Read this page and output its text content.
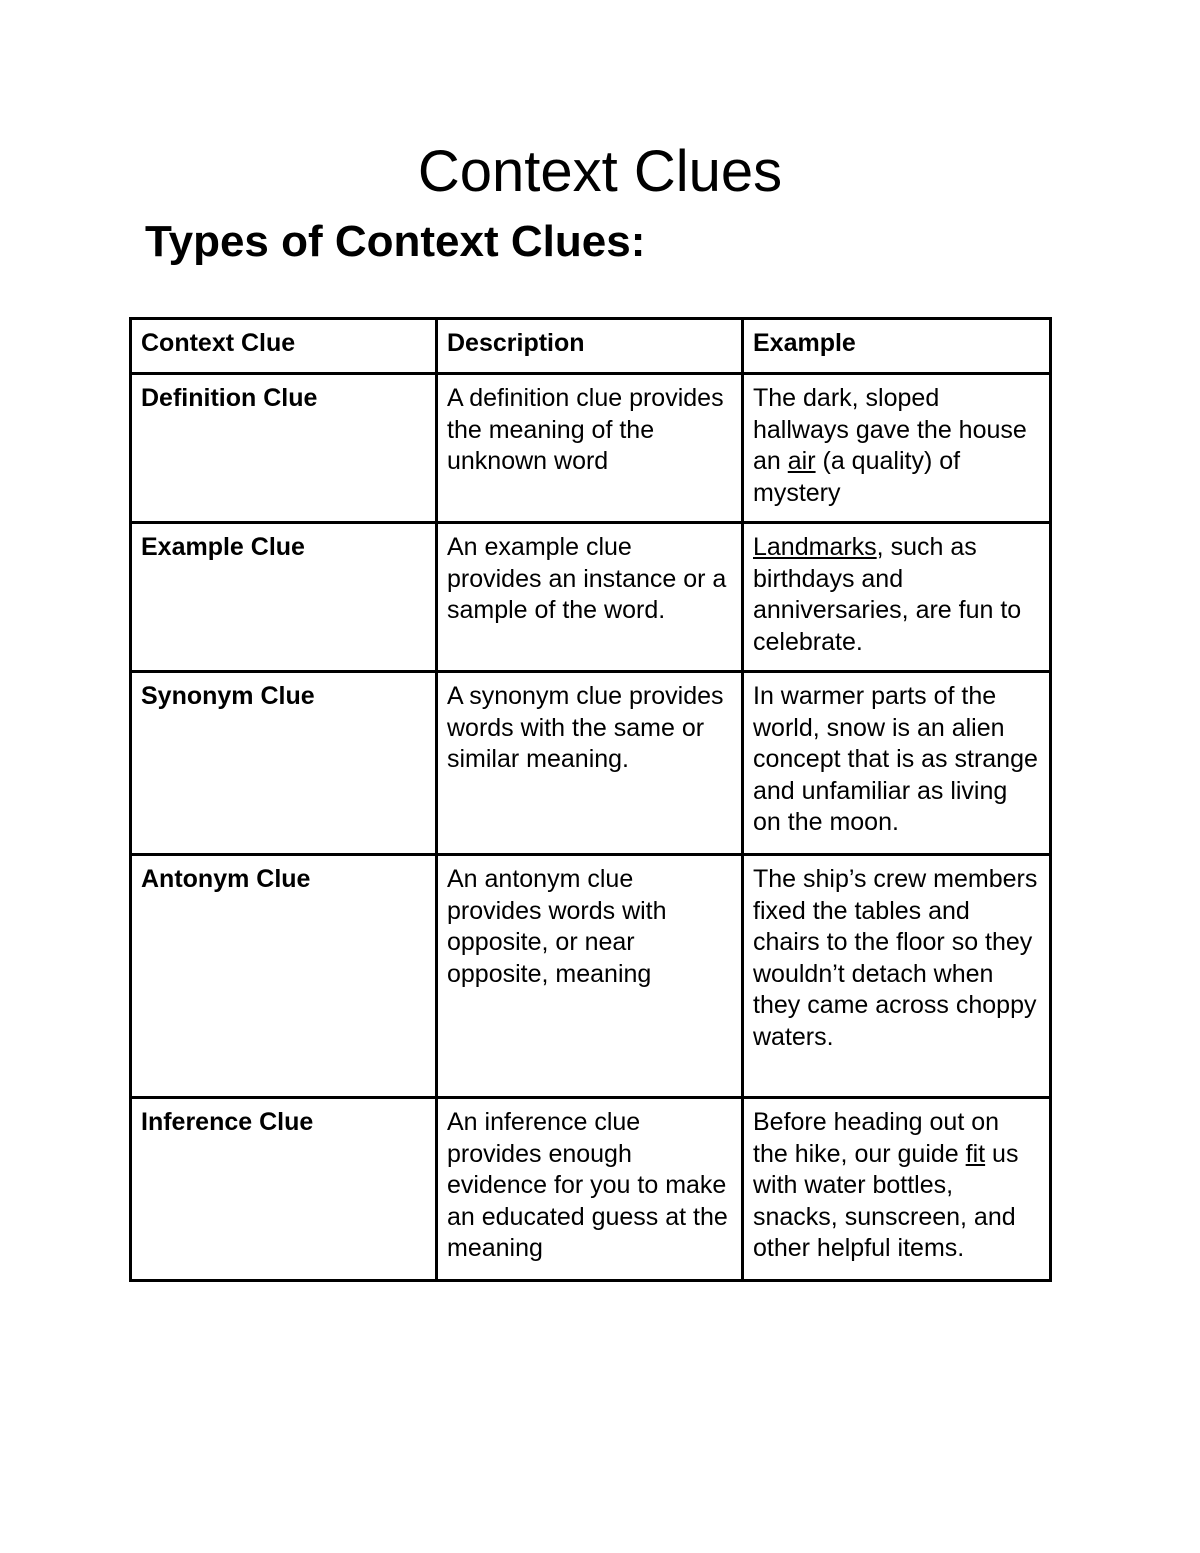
Context Clues
Types of Context Clues:
Context Clue	Description	Example
Definition Clue	A definition clue provides the meaning of the unknown word	The dark, sloped hallways gave the house an air (a quality) of mystery
Example Clue	An example clue provides an instance or a sample of the word.	Landmarks, such as birthdays and anniversaries, are fun to celebrate.
Synonym Clue	A synonym clue provides words with the same or similar meaning.	In warmer parts of the world, snow is an alien concept that is as strange and unfamiliar as living on the moon.
Antonym Clue	An antonym clue provides words with opposite, or near opposite, meaning	The ship’s crew members fixed the tables and chairs to the floor so they wouldn’t detach when they came across choppy waters.
Inference Clue	An inference clue provides enough evidence for you to make an educated guess at the meaning	Before heading out on the hike, our guide fit us with water bottles, snacks, sunscreen, and other helpful items.
